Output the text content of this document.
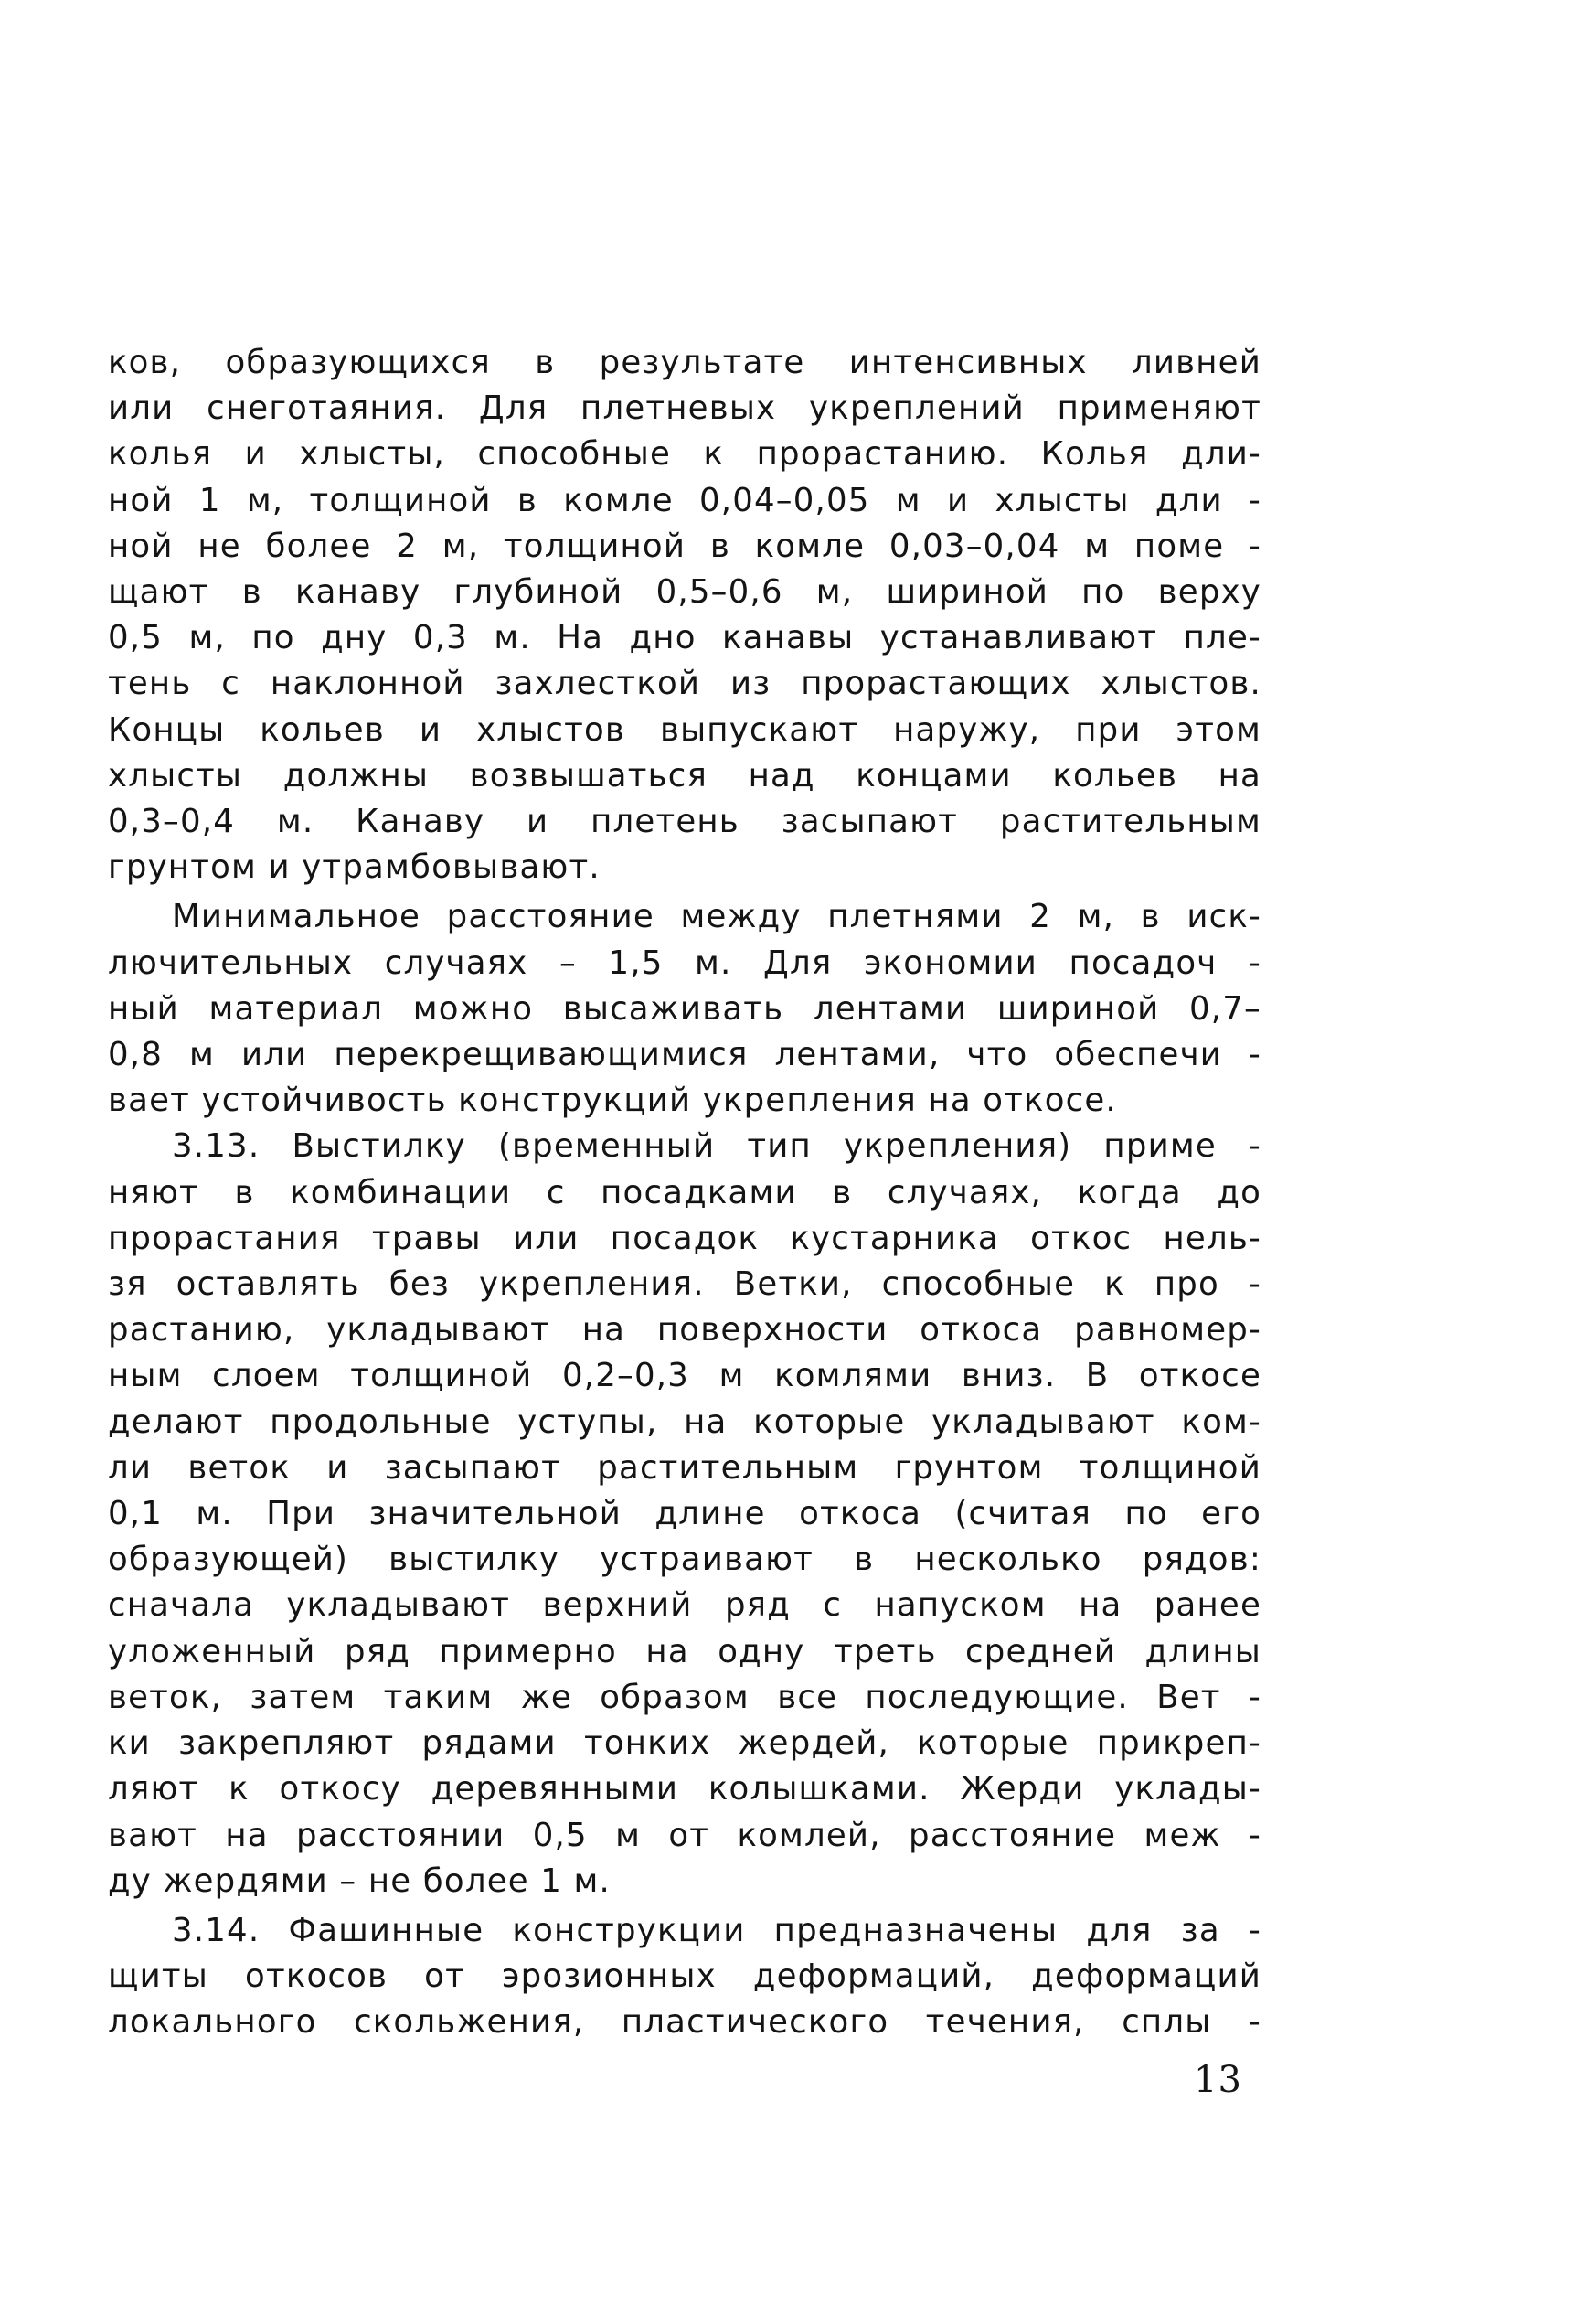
ков, образующихся в результате интенсивных ливней
или снеготаяния. Для плетневых укреплений применяют
колья и хлысты, способные к прорастанию. Колья дли-
ной 1 м, толщиной в комле 0,04–0,05 м и хлысты дли -
ной не более 2 м, толщиной в комле 0,03–0,04 м поме -
щают в канаву глубиной 0,5–0,6 м, шириной по верху
0,5 м, по дну 0,3 м. На дно канавы устанавливают пле-
тень с наклонной захлесткой из прорастающих хлыстов.
Концы кольев и хлыстов выпускают наружу, при этом
хлысты должны возвышаться над концами кольев на
0,3–0,4 м. Канаву и плетень засыпают растительным
грунтом и утрамбовывают.
Минимальное расстояние между плетнями 2 м, в иск-
лючительных случаях – 1,5 м. Для экономии посадоч -
ный материал можно высаживать лентами шириной 0,7–
0,8 м или перекрещивающимися лентами, что обеспечи -
вает устойчивость конструкций укрепления на откосе.
3.13. Выстилку (временный тип укрепления) приме -
няют в комбинации с посадками в случаях, когда до
прорастания травы или посадок кустарника откос нель-
зя оставлять без укрепления. Ветки, способные к про -
растанию, укладывают на поверхности откоса равномер-
ным слоем толщиной 0,2–0,3 м комлями вниз. В откосе
делают продольные уступы, на которые укладывают ком-
ли веток и засыпают растительным грунтом толщиной
0,1 м. При значительной длине откоса (считая по его
образующей) выстилку устраивают в несколько рядов:
сначала укладывают верхний ряд с напуском на ранее
уложенный ряд примерно на одну треть средней длины
веток, затем таким же образом все последующие. Вет -
ки закрепляют рядами тонких жердей, которые прикреп-
ляют к откосу деревянными колышками. Жерди уклады-
вают на расстоянии 0,5 м от комлей, расстояние меж -
ду жердями – не более 1 м.
3.14. Фашинные конструкции предназначены для за -
щиты откосов от эрозионных деформаций, деформаций
локального скольжения, пластического течения, сплы -
13
